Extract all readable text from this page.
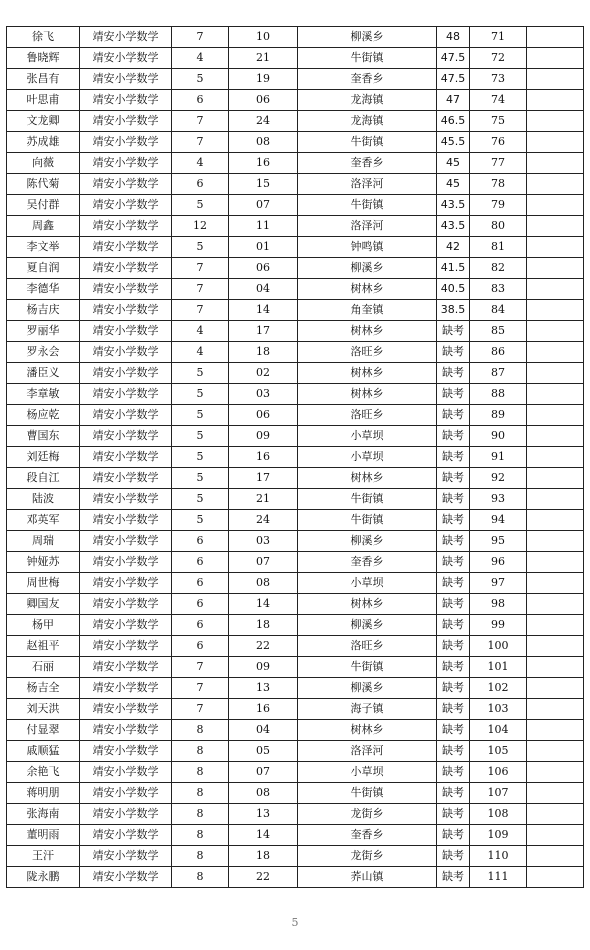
徐飞	靖安小学数学	7	10	柳溪乡	48	71	
鲁晓辉	靖安小学数学	4	21	牛街镇	47.5	72	
张昌有	靖安小学数学	5	19	奎香乡	47.5	73	
叶思甫	靖安小学数学	6	06	龙海镇	47	74	
文龙卿	靖安小学数学	7	24	龙海镇	46.5	75	
苏成雄	靖安小学数学	7	08	牛街镇	45.5	76	
向薇	靖安小学数学	4	16	奎香乡	45	77	
陈代菊	靖安小学数学	6	15	洛泽河	45	78	
吴付群	靖安小学数学	5	07	牛街镇	43.5	79	
周鑫	靖安小学数学	12	11	洛泽河	43.5	80	
李文举	靖安小学数学	5	01	钟鸣镇	42	81	
夏自润	靖安小学数学	7	06	柳溪乡	41.5	82	
李德华	靖安小学数学	7	04	树林乡	40.5	83	
杨吉庆	靖安小学数学	7	14	角奎镇	38.5	84	
罗丽华	靖安小学数学	4	17	树林乡	缺考	85	
罗永会	靖安小学数学	4	18	洛旺乡	缺考	86	
潘臣义	靖安小学数学	5	02	树林乡	缺考	87	
李章敏	靖安小学数学	5	03	树林乡	缺考	88	
杨应乾	靖安小学数学	5	06	洛旺乡	缺考	89	
曹国东	靖安小学数学	5	09	小草坝	缺考	90	
刘廷梅	靖安小学数学	5	16	小草坝	缺考	91	
段自江	靖安小学数学	5	17	树林乡	缺考	92	
陆波	靖安小学数学	5	21	牛街镇	缺考	93	
邓英军	靖安小学数学	5	24	牛街镇	缺考	94	
周瑞	靖安小学数学	6	03	柳溪乡	缺考	95	
钟娅苏	靖安小学数学	6	07	奎香乡	缺考	96	
周世梅	靖安小学数学	6	08	小草坝	缺考	97	
卿国友	靖安小学数学	6	14	树林乡	缺考	98	
杨甲	靖安小学数学	6	18	柳溪乡	缺考	99	
赵祖平	靖安小学数学	6	22	洛旺乡	缺考	100	
石丽	靖安小学数学	7	09	牛街镇	缺考	101	
杨吉全	靖安小学数学	7	13	柳溪乡	缺考	102	
刘天洪	靖安小学数学	7	16	海子镇	缺考	103	
付显翠	靖安小学数学	8	04	树林乡	缺考	104	
戚顺猛	靖安小学数学	8	05	洛泽河	缺考	105	
余艳飞	靖安小学数学	8	07	小草坝	缺考	106	
蒋明朋	靖安小学数学	8	08	牛街镇	缺考	107	
张海南	靖安小学数学	8	13	龙街乡	缺考	108	
董明雨	靖安小学数学	8	14	奎香乡	缺考	109	
王汗	靖安小学数学	8	18	龙街乡	缺考	110	
陇永鹏	靖安小学数学	8	22	荞山镇	缺考	111	
5
